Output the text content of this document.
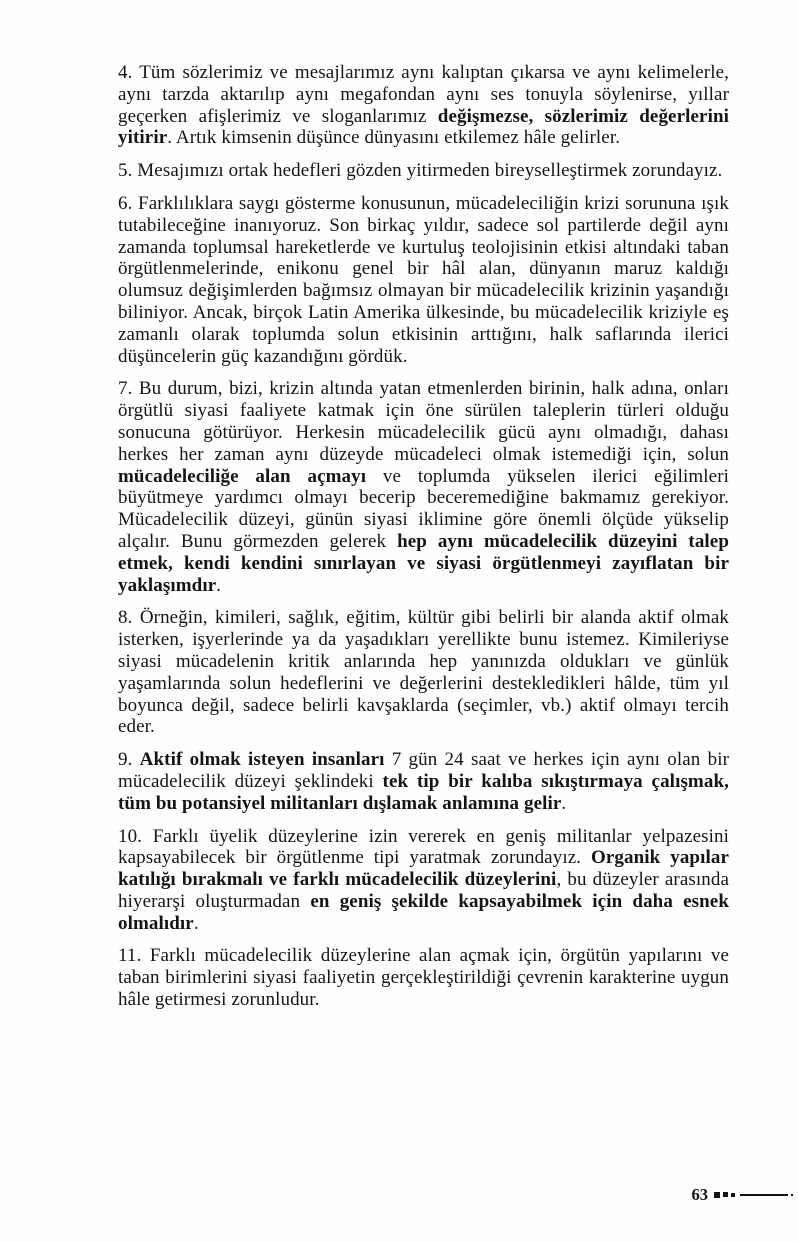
4. Tüm sözlerimiz ve mesajlarımız aynı kalıptan çıkarsa ve aynı kelimelerle, aynı tarzda aktarılıp aynı megafondan aynı ses tonuyla söylenirse, yıllar geçerken afişlerimiz ve sloganlarımız değişmezse, sözlerimiz değerlerini yitirir. Artık kimsenin düşünce dünyasını etkilemez hâle gelirler.

5. Mesajımızı ortak hedefleri gözden yitirmeden bireyselleştirmek zorundayız.

6. Farklılıklara saygı gösterme konusunun, mücadeleciliğin krizi sorununa ışık tutabileceğine inanıyoruz. Son birkaç yıldır, sadece sol partilerde değil aynı zamanda toplumsal hareketlerde ve kurtuluş teolojisinin etkisi altındaki taban örgütlenmelerinde, enikonu genel bir hâl alan, dünyanın maruz kaldığı olumsuz değişimlerden bağımsız olmayan bir mücadelecilik krizinin yaşandığı biliniyor. Ancak, birçok Latin Amerika ülkesinde, bu mücadelecilik kriziyle eş zamanlı olarak toplumda solun etkisinin arttığını, halk saflarında ilerici düşüncelerin güç kazandığını gördük.

7. Bu durum, bizi, krizin altında yatan etmenlerden birinin, halk adına, onları örgütlü siyasi faaliyete katmak için öne sürülen taleplerin türleri olduğu sonucuna götürüyor. Herkesin mücadelecilik gücü aynı olmadığı, dahası herkes her zaman aynı düzeyde mücadeleci olmak istemediği için, solun mücadeleciliğe alan açmayı ve toplumda yükselen ilerici eğilimleri büyütmeye yardımcı olmayı becerip beceremediğine bakmamız gerekiyor. Mücadelecilik düzeyi, günün siyasi iklimine göre önemli ölçüde yükselip alçalır. Bunu görmezden gelerek hep aynı mücadelecilik düzeyini talep etmek, kendi kendini sınırlayan ve siyasi örgütlenmeyi zayıflatan bir yaklaşımdır.

8. Örneğin, kimileri, sağlık, eğitim, kültür gibi belirli bir alanda aktif olmak isterken, işyerlerinde ya da yaşadıkları yerellikte bunu istemez. Kimileriyse siyasi mücadelenin kritik anlarında hep yanınızda oldukları ve günlük yaşamlarında solun hedeflerini ve değerlerini destekledikleri hâlde, tüm yıl boyunca değil, sadece belirli kavşaklarda (seçimler, vb.) aktif olmayı tercih eder.

9. Aktif olmak isteyen insanları 7 gün 24 saat ve herkes için aynı olan bir mücadelecilik düzeyi şeklindeki tek tip bir kalıba sıkıştırmaya çalışmak, tüm bu potansiyel militanları dışlamak anlamına gelir.

10. Farklı üyelik düzeylerine izin vererek en geniş militanlar yelpazesini kapsayabilecek bir örgütlenme tipi yaratmak zorundayız. Organik yapılar katılığı bırakmalı ve farklı mücadelecilik düzeylerini, bu düzeyler arasında hiyerarşi oluşturmadan en geniş şekilde kapsayabilmek için daha esnek olmalıdır.

11. Farklı mücadelecilik düzeylerine alan açmak için, örgütün yapılarını ve taban birimlerini siyasi faaliyetin gerçekleştirildiği çevrenin karakterine uygun hâle getirmesi zorunludur.

63
